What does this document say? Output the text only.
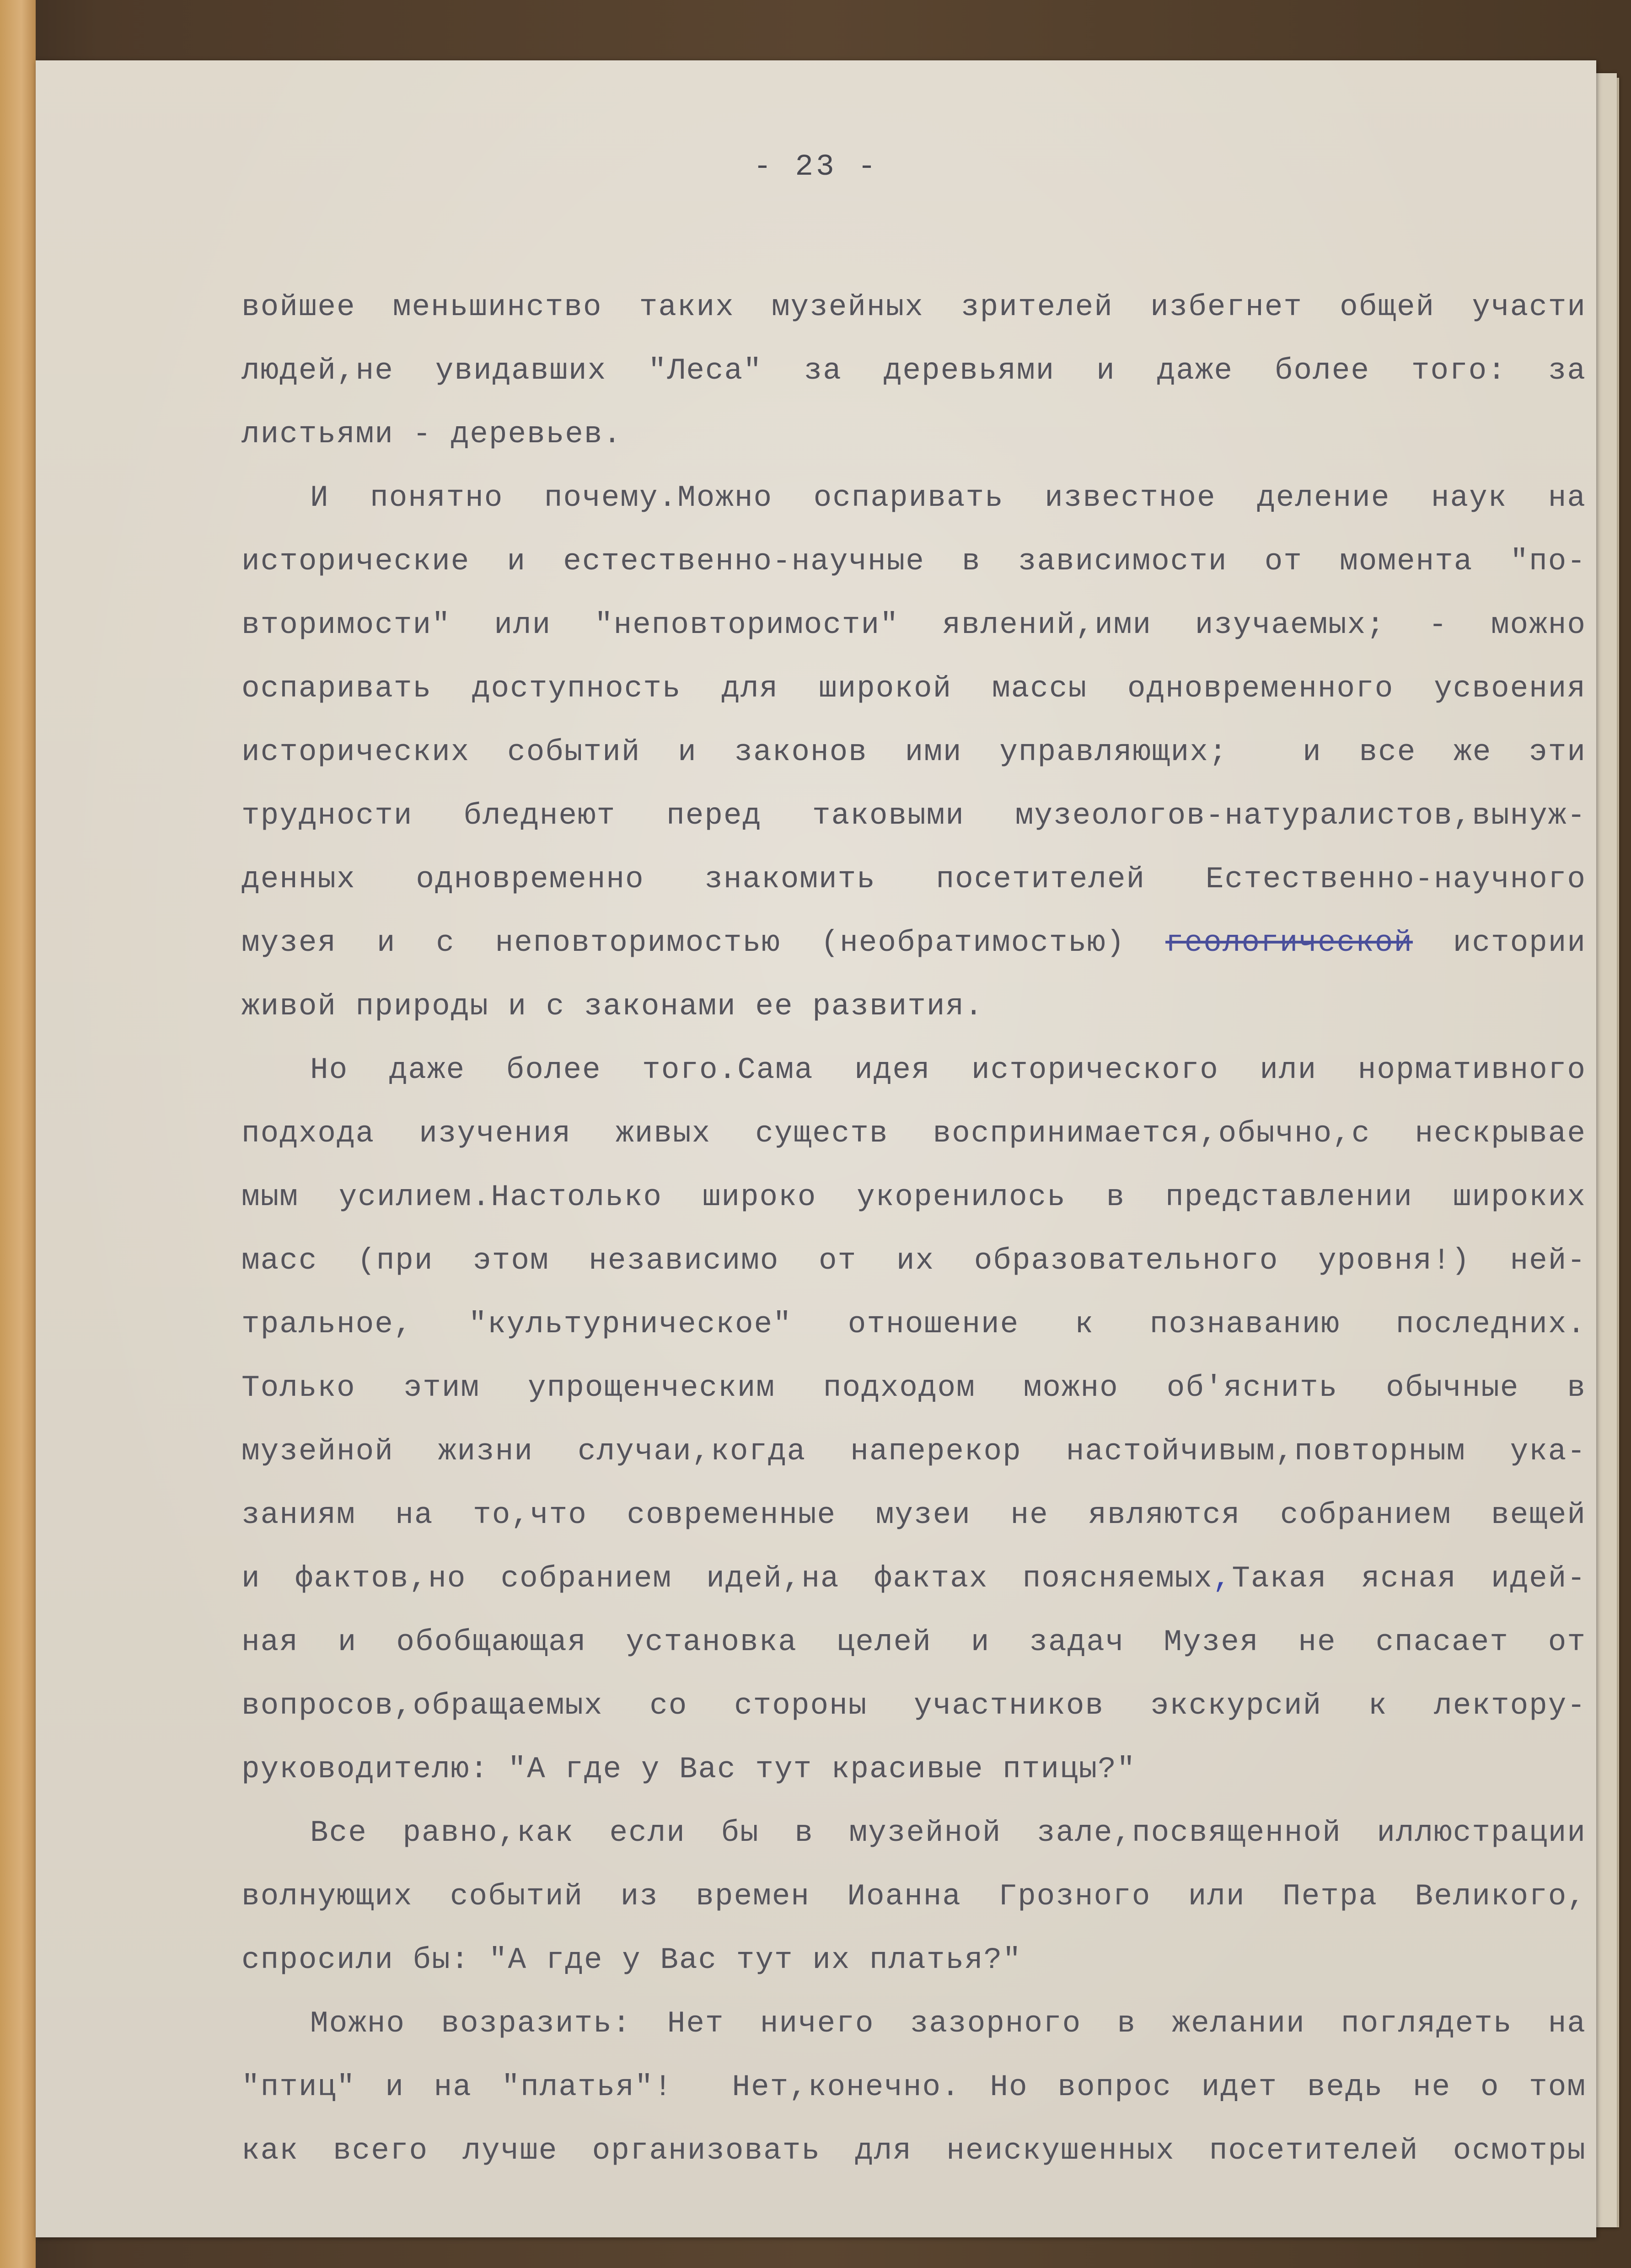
- 23 -
войшее меньшинство таких музейных зрителей избегнет общей участи
людей,не увидавших "Леса" за деревьями и даже более того: за
листьями - деревьев.
И понятно почему.Можно оспаривать известное деление наук на
исторические и естественно-научные в зависимости от момента "по-
вторимости" или "неповторимости" явлений,ими изучаемых; - можно
оспаривать доступность для широкой массы одновременного усвоения
исторических событий и законов ими управляющих;  и все же эти
трудности бледнеют перед таковыми музеологов-натуралистов,вынуж-
денных одновременно знакомить посетителей Естественно-научного
музея и с неповторимостью (необратимостью) геологической истории
живой природы и с законами ее развития.
Но даже более того.Сама идея исторического или нормативного
подхода изучения живых существ воспринимается,обычно,с нескрывае
мым усилием.Настолько широко укоренилось в представлении широких
масс (при этом независимо от их образовательного уровня!) ней-
тральное, "культурническое" отношение к познаванию последних.
Только этим упрощенческим подходом можно об'яснить обычные в
музейной жизни случаи,когда наперекор настойчивым,повторным ука-
заниям на то,что современные музеи не являются собранием вещей
и фактов,но собранием идей,на фактах поясняемых,Такая ясная идей-
ная и обобщающая установка целей и задач Музея не спасает от
вопросов,обращаемых со стороны участников экскурсий к лектору-
руководителю: "А где у Вас тут красивые птицы?"
Все равно,как если бы в музейной зале,посвященной иллюстрации
волнующих событий из времен Иоанна Грозного или Петра Великого,
спросили бы: "А где у Вас тут их платья?"
Можно возразить: Нет ничего зазорного в желании поглядеть на
"птиц" и на "платья"!  Нет,конечно. Но вопрос идет ведь не о том
как всего лучше организовать для неискушенных посетителей осмотры
